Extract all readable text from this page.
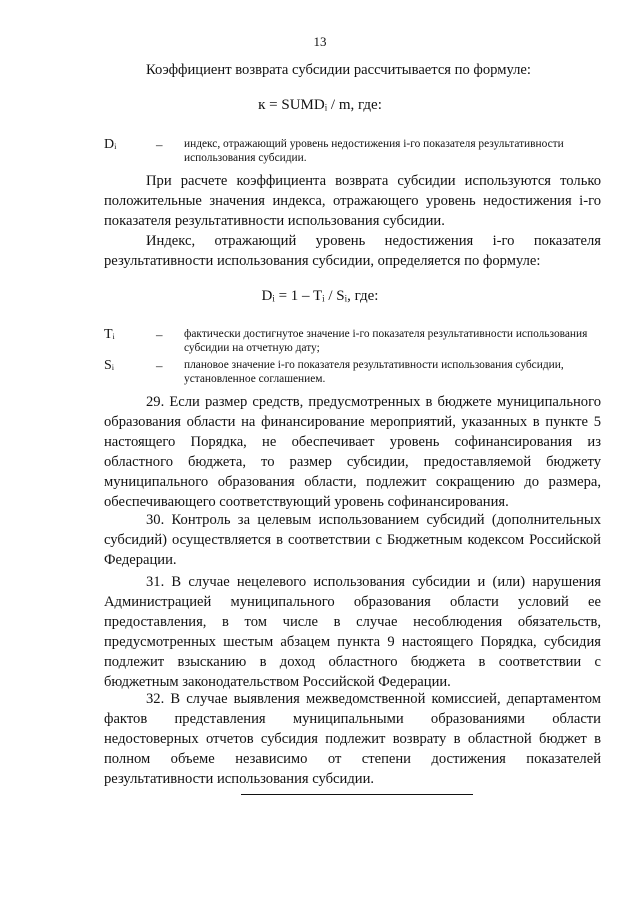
13

Коэффициент возврата субсидии рассчитывается по формуле:

к = SUMDᵢ / m, где:

Dᵢ	– индекс, отражающий уровень недостижения i-го показателя результативности использования субсидии.

При расчете коэффициента возврата субсидии используются только положительные значения индекса, отражающего уровень недостижения i-го показателя результативности использования субсидии.

Индекс, отражающий уровень недостижения i-го показателя результативности использования субсидии, определяется по формуле:

Dᵢ = 1 – Tᵢ / Sᵢ, где:

Tᵢ	– фактически достигнутое значение i-го показателя результативности использования субсидии на отчетную дату;
Sᵢ	– плановое значение i-го показателя результативности использования субсидии, установленное соглашением.

29. Если размер средств, предусмотренных в бюджете муниципального образования области на финансирование мероприятий, указанных в пункте 5 настоящего Порядка, не обеспечивает уровень софинансирования из областного бюджета, то размер субсидии, предоставляемой бюджету муниципального образования области, подлежит сокращению до размера, обеспечивающего соответствующий уровень софинансирования.

30. Контроль за целевым использованием субсидий (дополнительных субсидий) осуществляется в соответствии с Бюджетным кодексом Российской Федерации.

31. В случае нецелевого использования субсидии и (или) нарушения Администрацией муниципального образования области условий ее предоставления, в том числе в случае несоблюдения обязательств, предусмотренных шестым абзацем пункта 9 настоящего Порядка, субсидия подлежит взысканию в доход областного бюджета в соответствии с бюджетным законодательством Российской Федерации.

32. В случае выявления межведомственной комиссией, департаментом фактов представления муниципальными образованиями области недостоверных отчетов субсидия подлежит возврату в областной бюджет в полном объеме независимо от степени достижения показателей результативности использования субсидии.
